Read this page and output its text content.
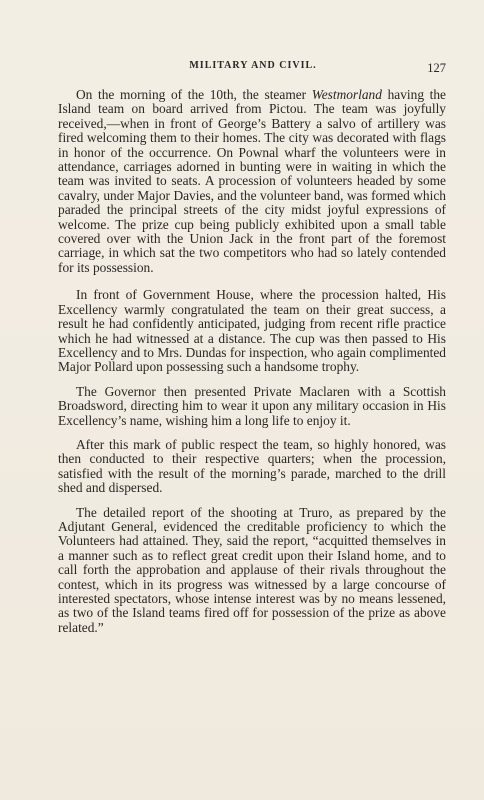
MILITARY AND CIVIL.	127

On the morning of the 10th, the steamer Westmorland having the Island team on board arrived from Pictou. The team was joyfully received,—when in front of George’s Battery a salvo of artillery was fired welcoming them to their homes. The city was decorated with flags in honor of the occurrence. On Pownal wharf the volunteers were in attendance, carriages adorned in bunting were in waiting in which the team was invited to seats. A procession of volunteers headed by some cavalry, under Major Davies, and the volunteer band, was formed which paraded the principal streets of the city midst joyful expressions of welcome. The prize cup being publicly exhibited upon a small table covered over with the Union Jack in the front part of the foremost carriage, in which sat the two competitors who had so lately contended for its possession.

In front of Government House, where the procession halted, His Excellency warmly congratulated the team on their great success, a result he had confidently anticipated, judging from recent rifle practice which he had witnessed at a distance. The cup was then passed to His Excellency and to Mrs. Dundas for inspection, who again complimented Major Pollard upon possessing such a handsome trophy.

The Governor then presented Private Maclaren with a Scottish Broadsword, directing him to wear it upon any military occasion in His Excellency’s name, wishing him a long life to enjoy it.

After this mark of public respect the team, so highly honored, was then conducted to their respective quarters; when the procession, satisfied with the result of the morning’s parade, marched to the drill shed and dispersed.

The detailed report of the shooting at Truro, as prepared by the Adjutant General, evidenced the creditable proficiency to which the Volunteers had attained. They, said the report, “acquitted themselves in a manner such as to reflect great credit upon their Island home, and to call forth the approbation and applause of their rivals throughout the contest, which in its progress was witnessed by a large concourse of interested spectators, whose intense interest was by no means lessened, as two of the Island teams fired off for possession of the prize as above related.”
